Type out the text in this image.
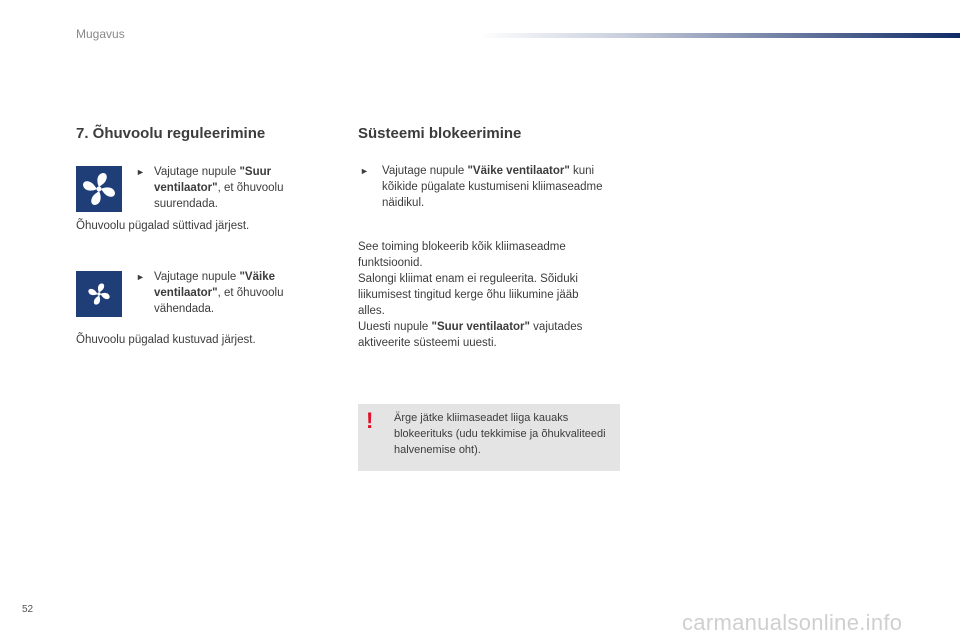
Mugavus
7. Õhuvoolu reguleerimine
► Vajutage nupule "Suur ventilaator", et õhuvoolu suurendada.
Õhuvoolu pügalad süttivad järjest.
► Vajutage nupule "Väike ventilaator", et õhuvoolu vähendada.
Õhuvoolu pügalad kustuvad järjest.
Süsteemi blokeerimine
► Vajutage nupule "Väike ventilaator" kuni kõikide pügalate kustumiseni kliimaseadme näidikul.
See toiming blokeerib kõik kliimaseadme funktsioonid.
Salongi kliimat enam ei reguleerita. Sõiduki liikumisest tingitud kerge õhu liikumine jääb alles.
Uuesti nupule "Suur ventilaator" vajutades aktiveerite süsteemi uuesti.
! Ärge jätke kliimaseadet liiga kauaks blokeerituks (udu tekkimise ja õhukvaliteedi halvenemise oht).
52
carmanualsonline.info
